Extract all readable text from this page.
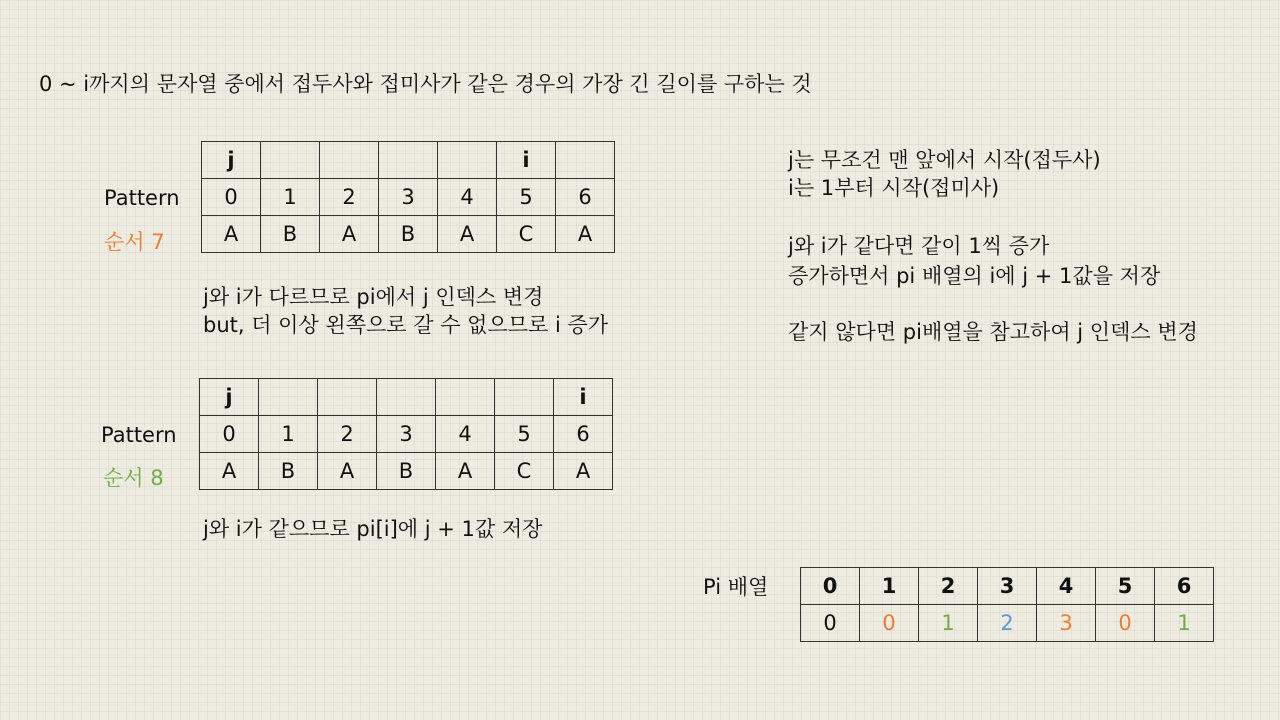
0 ~ i까지의 문자열 중에서 접두사와 접미사가 같은 경우의 가장 긴 길이를 구하는 것
Pattern
순서 7
j					i	
0	1	2	3	4	5	6
A	B	A	B	A	C	A
j와 i가 다르므로 pi에서 j 인덱스 변경
but, 더 이상 왼쪽으로 갈 수 없으므로 i 증가
Pattern
순서 8
j						i
0	1	2	3	4	5	6
A	B	A	B	A	C	A
j와 i가 같으므로 pi[i]에 j + 1값 저장
j는 무조건 맨 앞에서 시작(접두사)
i는 1부터 시작(접미사)
j와 i가 같다면 같이 1씩 증가
증가하면서 pi 배열의 i에 j + 1값을 저장
같지 않다면 pi배열을 참고하여 j 인덱스 변경
Pi 배열	0	1	2	3	4	5	6
0	0	1	2	3	0	1
